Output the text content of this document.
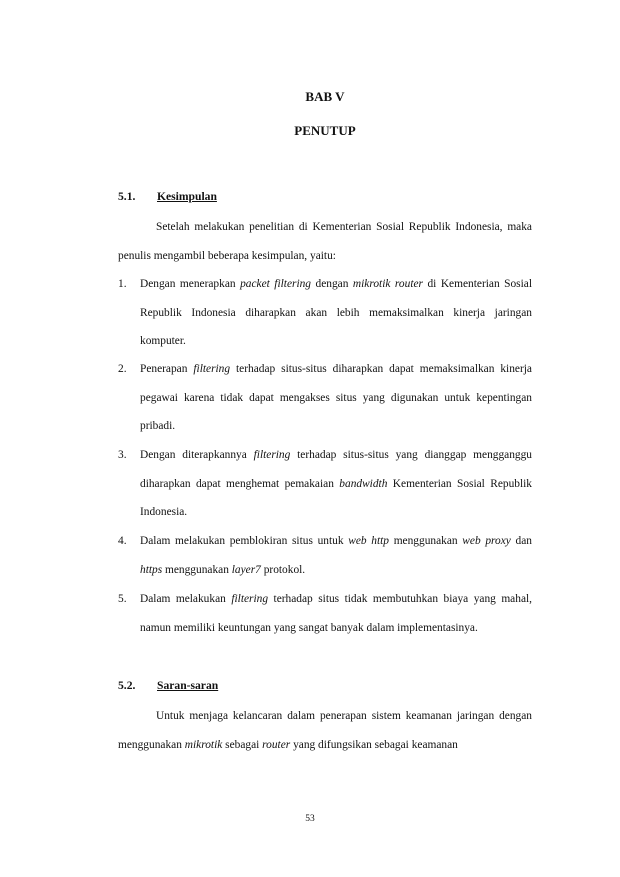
BAB V
PENUTUP
5.1. Kesimpulan

Setelah melakukan penelitian di Kementerian Sosial Republik Indonesia, maka penulis mengambil beberapa kesimpulan, yaitu:

1. Dengan menerapkan packet filtering dengan mikrotik router di Kementerian Sosial Republik Indonesia diharapkan akan lebih memaksimalkan kinerja jaringan komputer.
2. Penerapan filtering terhadap situs-situs diharapkan dapat memaksimalkan kinerja pegawai karena tidak dapat mengakses situs yang digunakan untuk kepentingan pribadi.
3. Dengan diterapkannya filtering terhadap situs-situs yang dianggap mengganggu diharapkan dapat menghemat pemakaian bandwidth Kementerian Sosial Republik Indonesia.
4. Dalam melakukan pemblokiran situs untuk web http menggunakan web proxy dan https menggunakan layer7 protokol.
5. Dalam melakukan filtering terhadap situs tidak membutuhkan biaya yang mahal, namun memiliki keuntungan yang sangat banyak dalam implementasinya.
5.2. Saran-saran

Untuk menjaga kelancaran dalam penerapan sistem keamanan jaringan dengan menggunakan mikrotik sebagai router yang difungsikan sebagai keamanan

53
